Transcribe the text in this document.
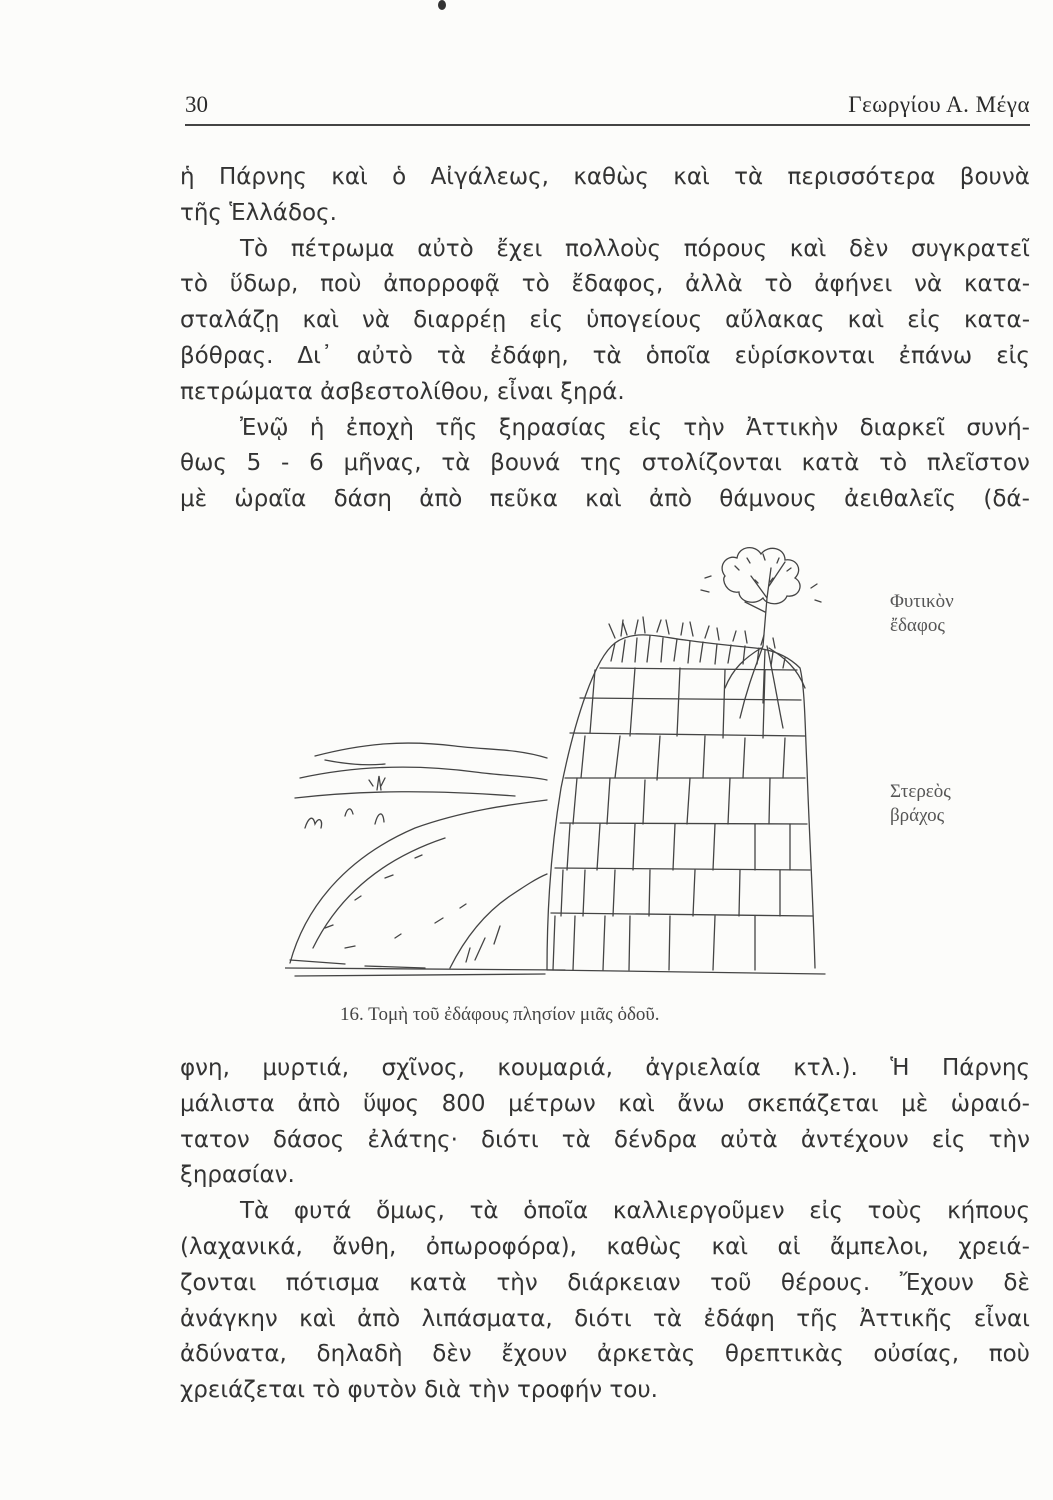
30	Γεωργίου Α. Μέγα
ἡ Πάρνης καὶ ὁ Αἰγάλεως, καθὼς καὶ τὰ περισσότερα βουνὰ
τῆς Ἑλλάδος.
Τὸ πέτρωμα αὐτὸ ἔχει πολλοὺς πόρους καὶ δὲν συγκρατεῖ
τὸ ὕδωρ, ποὺ ἀπορροφᾷ τὸ ἔδαφος, ἀλλὰ τὸ ἀφήνει νὰ κατα-
σταλάζῃ καὶ νὰ διαρρέῃ εἰς ὑπογείους αὔλακας καὶ εἰς κατα-
βόθρας. Δι᾽ αὐτὸ τὰ ἐδάφη, τὰ ὁποῖα εὑρίσκονται ἐπάνω εἰς
πετρώματα ἀσβεστολίθου, εἶναι ξηρά.
Ἐνῷ ἡ ἐποχὴ τῆς ξηρασίας εἰς τὴν Ἀττικὴν διαρκεῖ συνή-
θως 5 - 6 μῆνας, τὰ βουνά της στολίζονται κατὰ τὸ πλεῖστον
μὲ ὡραῖα δάση ἀπὸ πεῦκα καὶ ἀπὸ θάμνους ἀειθαλεῖς (δά-
Φυτικὸν
ἔδαφος
Στερεὸς
βράχος
16. Τομὴ τοῦ ἐδάφους πλησίον μιᾶς ὁδοῦ.
φνη, μυρτιά, σχῖνος, κουμαριά, ἀγριελαία κτλ.). Ἡ Πάρνης
μάλιστα ἀπὸ ὕψος 800 μέτρων καὶ ἄνω σκεπάζεται μὲ ὡραιό-
τατον δάσος ἐλάτης· διότι τὰ δένδρα αὐτὰ ἀντέχουν εἰς τὴν
ξηρασίαν.
Τὰ φυτά ὅμως, τὰ ὁποῖα καλλιεργοῦμεν εἰς τοὺς κήπους
(λαχανικά, ἄνθη, ὀπωροφόρα), καθὼς καὶ αἱ ἄμπελοι, χρειά-
ζονται πότισμα κατὰ τὴν διάρκειαν τοῦ θέρους. Ἔχουν δὲ
ἀνάγκην καὶ ἀπὸ λιπάσματα, διότι τὰ ἐδάφη τῆς Ἀττικῆς εἶναι
ἀδύνατα, δηλαδὴ δὲν ἔχουν ἀρκετὰς θρεπτικὰς οὐσίας, ποὺ
χρειάζεται τὸ φυτὸν διὰ τὴν τροφήν του.
